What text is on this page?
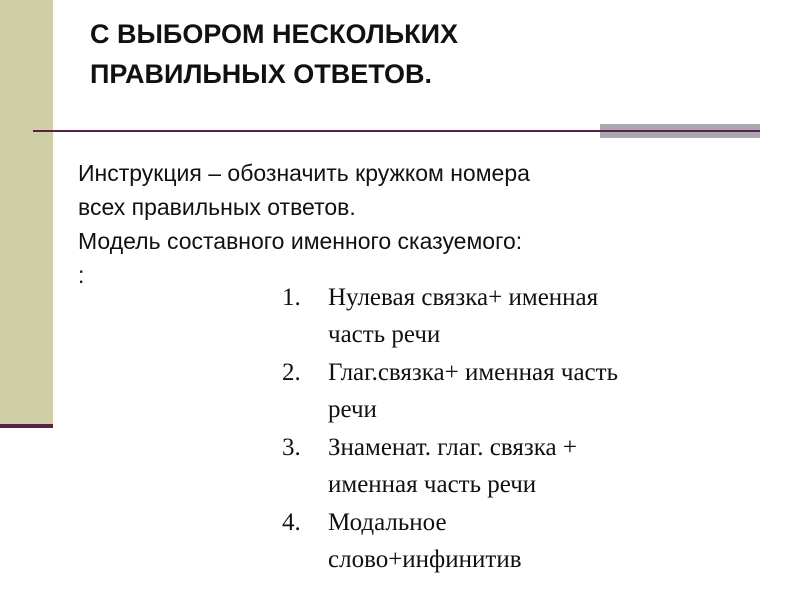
С ВЫБОРОМ НЕСКОЛЬКИХ
ПРАВИЛЬНЫХ ОТВЕТОВ.
Инструкция – обозначить кружком номера
всех правильных ответов.
Модель составного именного сказуемого:
:
1. Нулевая связка+ именная
часть речи
2. Глаг.связка+ именная часть
речи
3. Знаменат. глаг. связка +
именная часть речи
4. Модальное
слово+инфинитив
